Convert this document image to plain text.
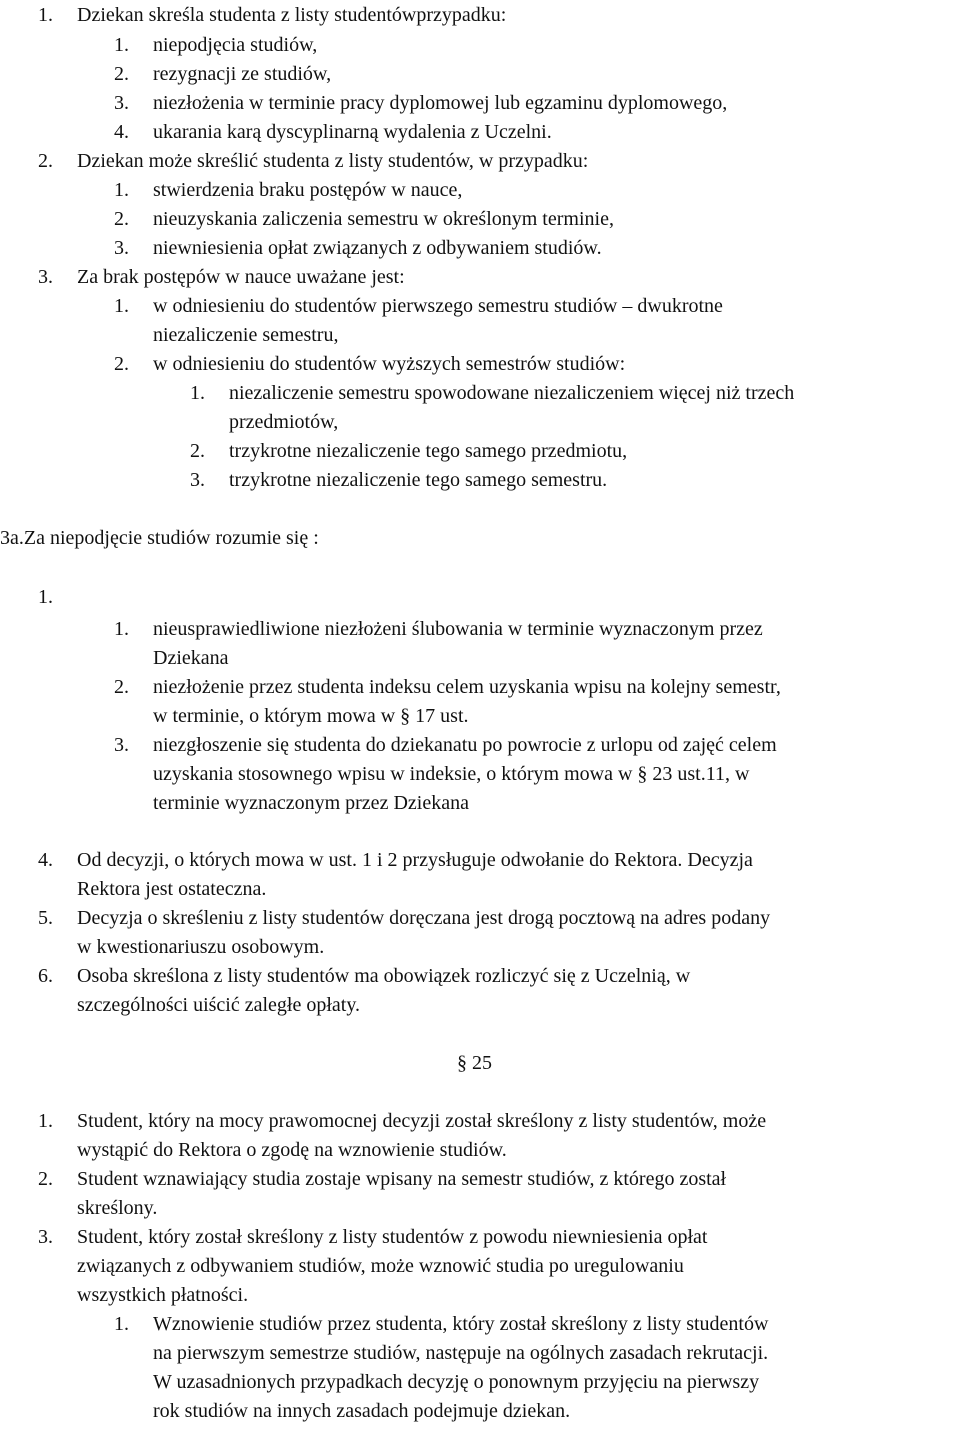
1. Dziekan skreśla studenta z listy studentówprzypadku:
1. niepodjęcia studiów,
2. rezygnacji ze studiów,
3. niezłożenia w terminie pracy dyplomowej lub egzaminu dyplomowego,
4. ukarania karą dyscyplinarną wydalenia z Uczelni.
2. Dziekan może skreślić studenta z listy studentów, w przypadku:
1. stwierdzenia braku postępów w nauce,
2. nieuzyskania zaliczenia semestru w określonym terminie,
3. niewniesienia opłat związanych z odbywaniem studiów.
3. Za brak postępów w nauce uważane jest:
1. w odniesieniu do studentów pierwszego semestru studiów – dwukrotne
niezaliczenie semestru,
2. w odniesieniu do studentów wyższych semestrów studiów:
1. niezaliczenie semestru spowodowane niezaliczeniem więcej niż trzech
przedmiotów,
2. trzykrotne niezaliczenie tego samego przedmiotu,
3. trzykrotne niezaliczenie tego samego semestru.
3a.Za niepodjęcie studiów rozumie się :
1.
1. nieusprawiedliwione niezłożeni ślubowania w terminie wyznaczonym przez
Dziekana
2. niezłożenie przez studenta indeksu celem uzyskania wpisu na kolejny semestr,
w terminie, o którym mowa w § 17 ust.
3. niezgłoszenie się studenta do dziekanatu po powrocie z urlopu od zajęć celem
uzyskania stosownego wpisu w indeksie, o którym mowa w § 23 ust.11, w
terminie wyznaczonym przez Dziekana
4. Od decyzji, o których mowa w ust. 1 i 2 przysługuje odwołanie do Rektora. Decyzja
Rektora jest ostateczna.
5. Decyzja o skreśleniu z listy studentów doręczana jest drogą pocztową na adres podany
w kwestionariuszu osobowym.
6. Osoba skreślona z listy studentów ma obowiązek rozliczyć się z Uczelnią, w
szczególności uiścić zaległe opłaty.
§ 25
1. Student, który na mocy prawomocnej decyzji został skreślony z listy studentów, może
wystąpić do Rektora o zgodę na wznowienie studiów.
2. Student wznawiający studia zostaje wpisany na semestr studiów, z którego został
skreślony.
3. Student, który został skreślony z listy studentów z powodu niewniesienia opłat
związanych z odbywaniem studiów, może wznowić studia po uregulowaniu
wszystkich płatności.
1. Wznowienie studiów przez studenta, który został skreślony z listy studentów
na pierwszym semestrze studiów, następuje na ogólnych zasadach rekrutacji.
W uzasadnionych przypadkach decyzję o ponownym przyjęciu na pierwszy
rok studiów na innych zasadach podejmuje dziekan.
